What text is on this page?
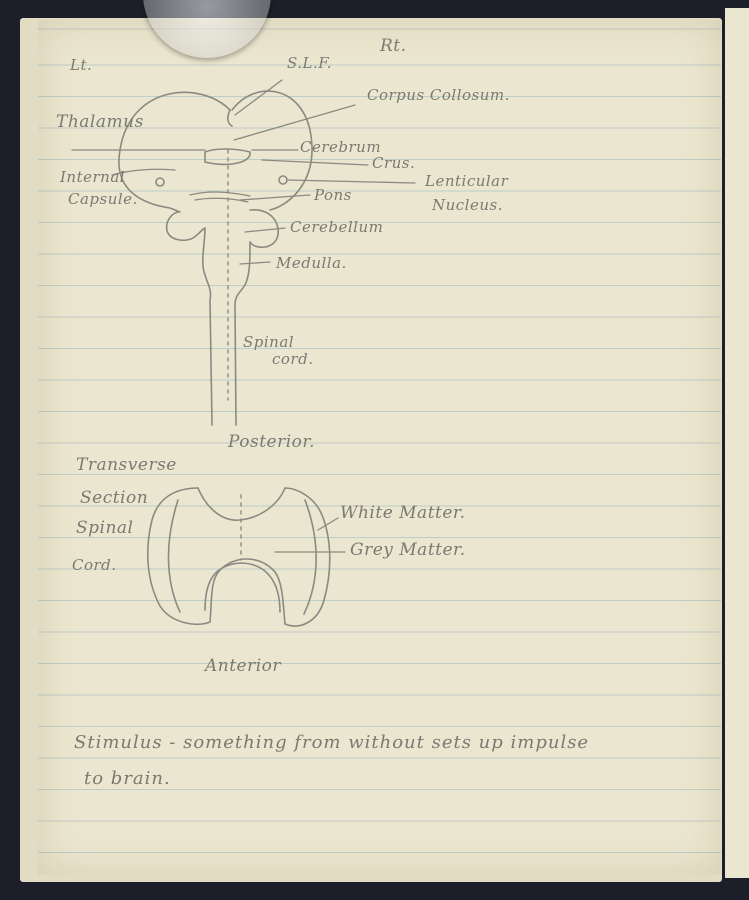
Lt.
Rt.
S.L.F.
Corpus Collosum.
Thalamus
Cerebrum
Crus.
Internal
Capsule.
Lenticular
Nucleus.
Pons
Cerebellum
Medulla.
Spinal
cord.
Posterior.
Transverse
Section
Spinal
Cord.
White Matter.
Grey Matter.
Anterior
Stimulus - something from without sets up impulse
to brain.
